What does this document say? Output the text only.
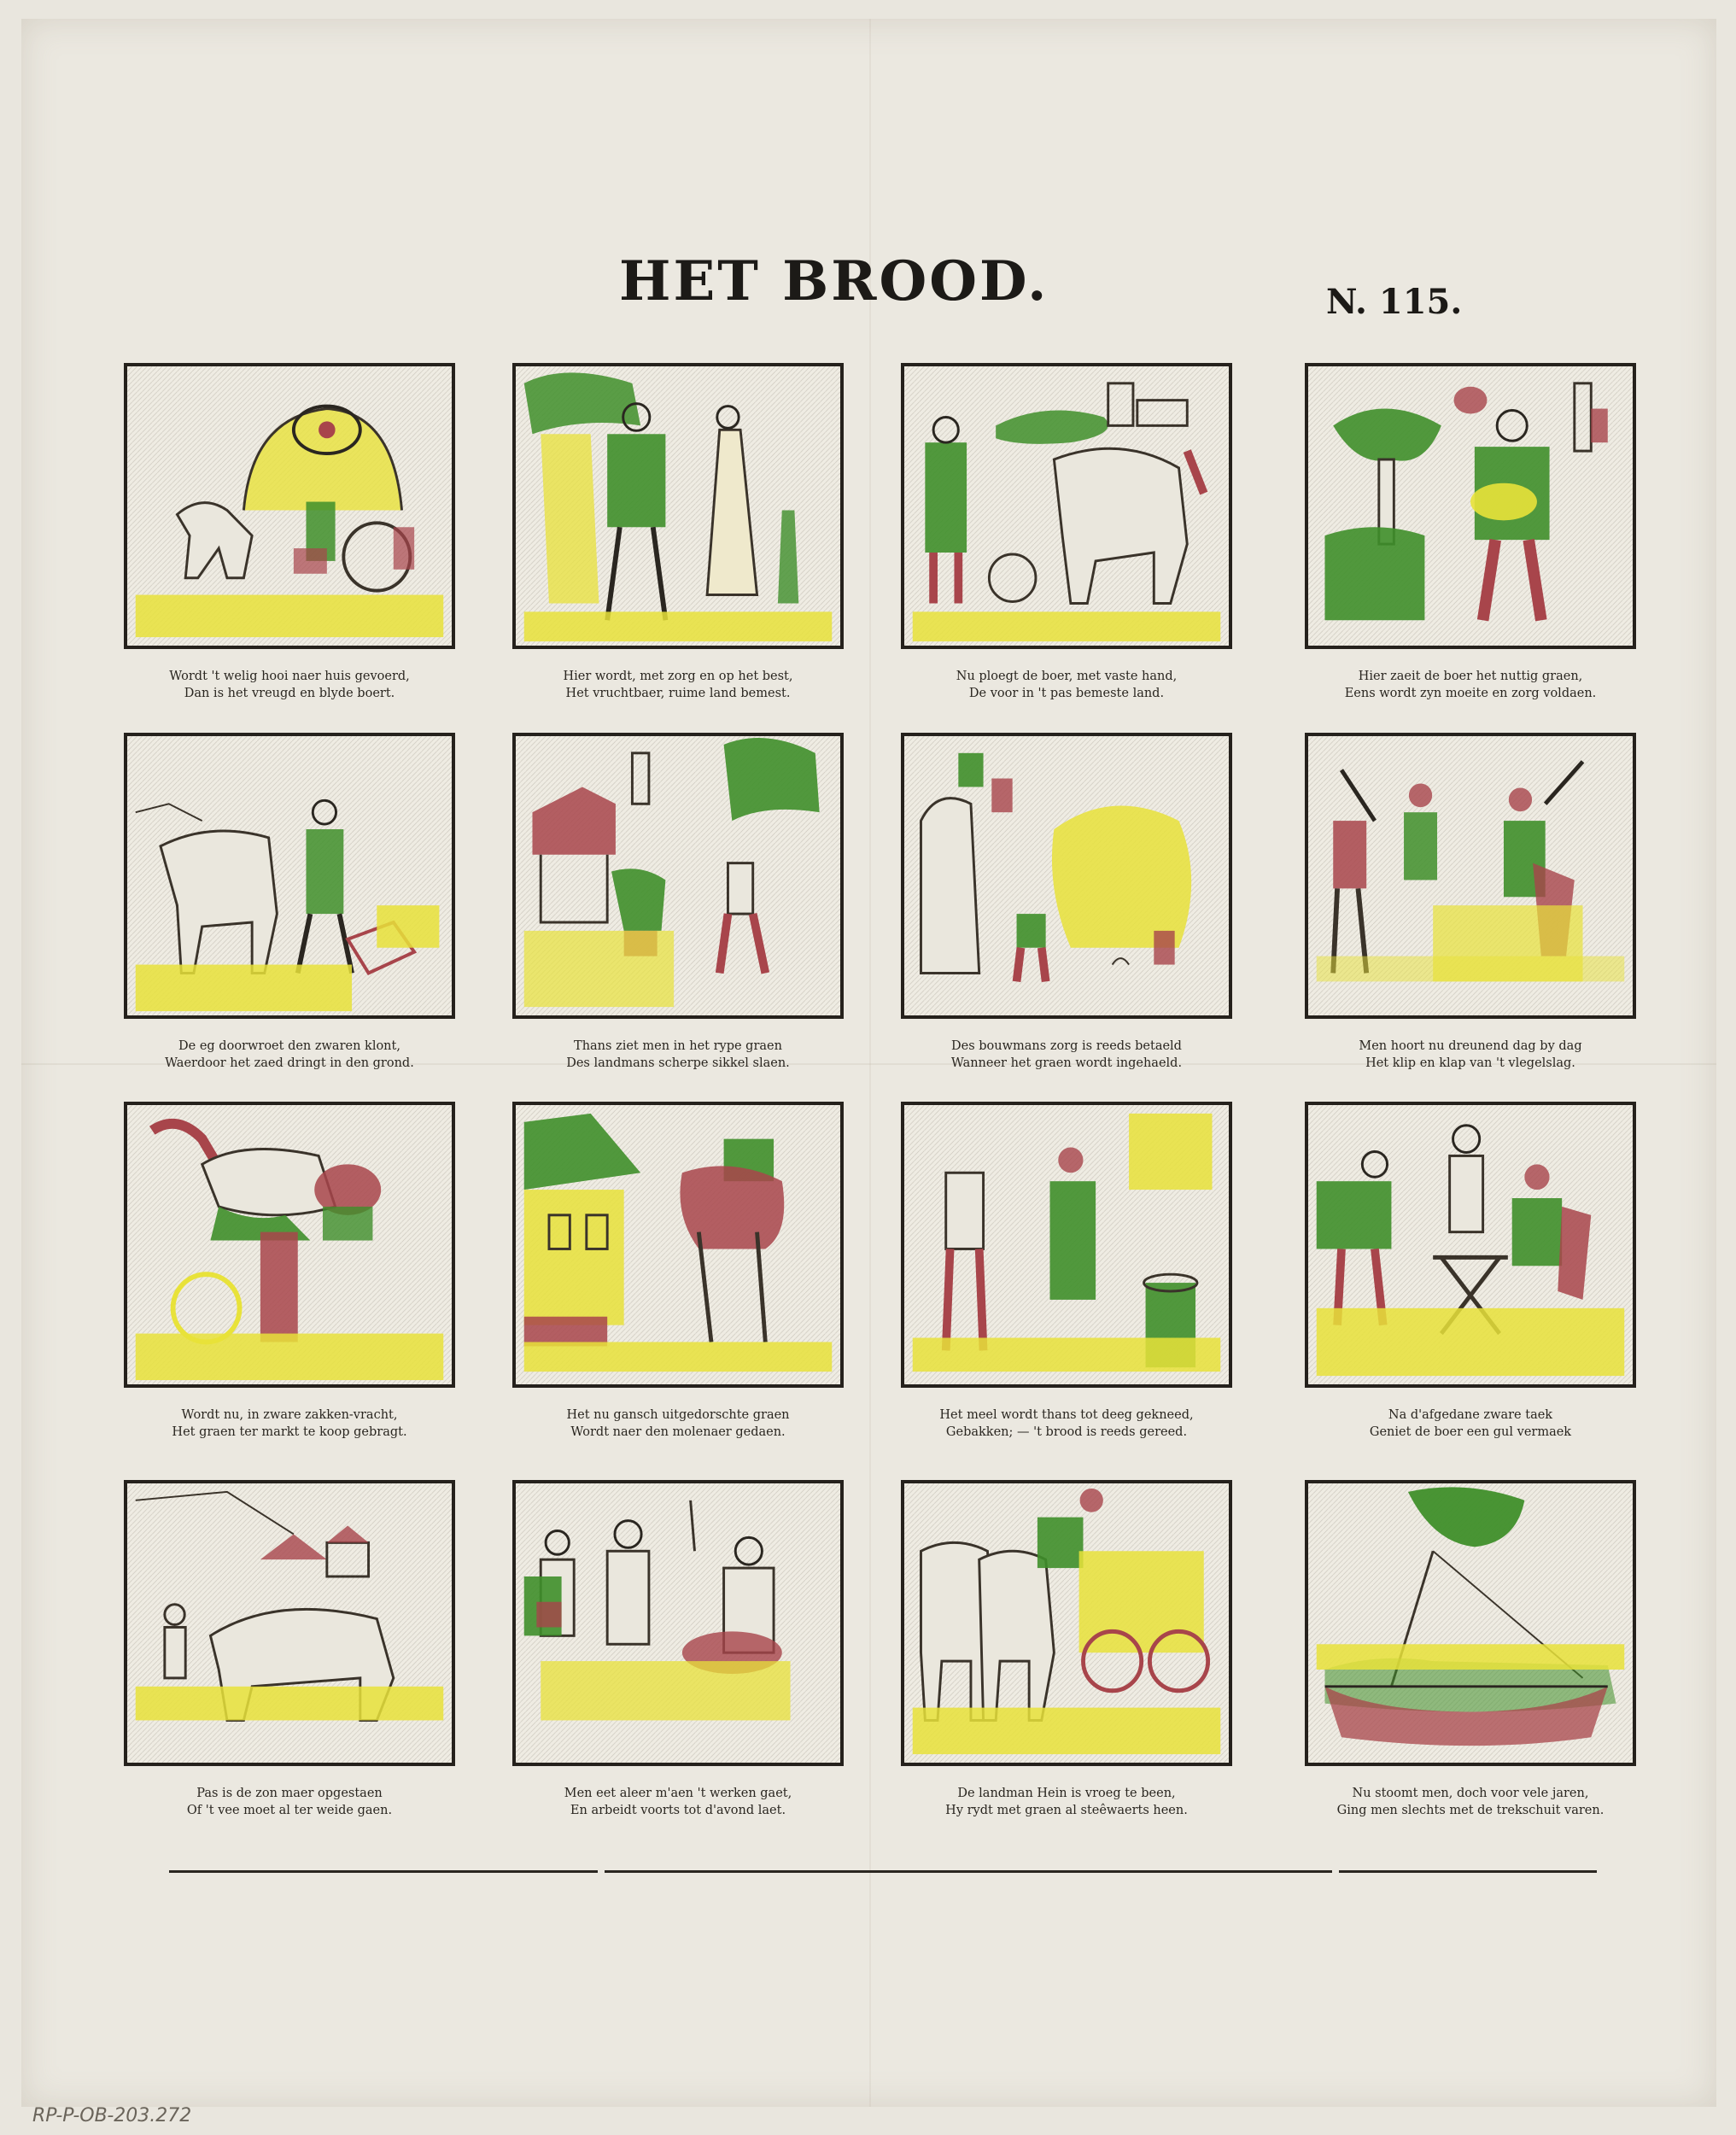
HET BROOD.	N. 115.
Wordt 't welig hooi naer huis gevoerd,
Dan is het vreugd en blyde boert.
Hier wordt, met zorg en op het best,
Het vruchtbaer, ruime land bemest.
Nu ploegt de boer, met vaste hand,
De voor in 't pas bemeste land.
Hier zaeit de boer het nuttig graen,
Eens wordt zyn moeite en zorg voldaen.
De eg doorwroet den zwaren klont,
Waerdoor het zaed dringt in den grond.
Thans ziet men in het rype graen
Des landmans scherpe sikkel slaen.
Des bouwmans zorg is reeds betaeld
Wanneer het graen wordt ingehaeld.
Men hoort nu dreunend dag by dag
Het klip en klap van 't vlegelslag.
Wordt nu, in zware zakken-vracht,
Het graen ter markt te koop gebragt.
Het nu gansch uitgedorschte graen
Wordt naer den molenaer gedaen.
Het meel wordt thans tot deeg gekneed,
Gebakken; — 't brood is reeds gereed.
Na d'afgedane zware taek
Geniet de boer een gul vermaek
Pas is de zon maer opgestaen
Of 't vee moet al ter weide gaen.
Men eet aleer m'aen 't werken gaet,
En arbeidt voorts tot d'avond laet.
De landman Hein is vroeg te been,
Hy rydt met graen al steêwaerts heen.
Nu stoomt men, doch voor vele jaren,
Ging men slechts met de trekschuit varen.
RP-P-OB-203.272
